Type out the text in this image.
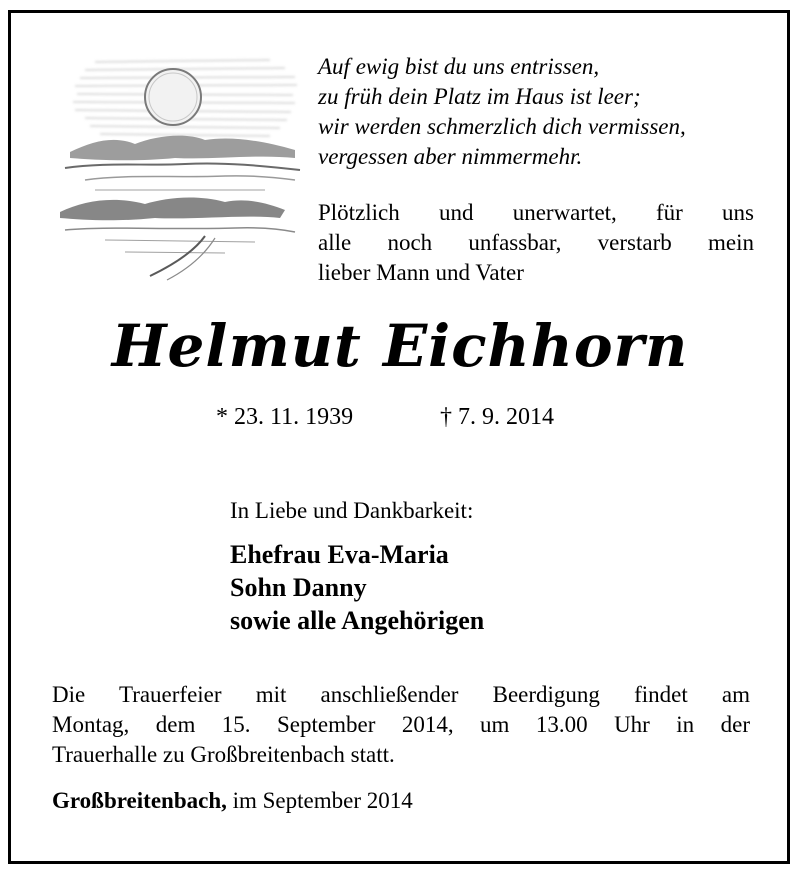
Auf ewig bist du uns entrissen,
zu früh dein Platz im Haus ist leer;
wir werden schmerzlich dich vermissen,
vergessen aber nimmermehr.
Plötzlich und unerwartet, für uns
alle noch unfassbar, verstarb mein
lieber Mann und Vater
Helmut Eichhorn
* 23. 11. 1939	† 7. 9. 2014
In Liebe und Dankbarkeit:
Ehefrau Eva-Maria
Sohn Danny
sowie alle Angehörigen
Die Trauerfeier mit anschließender Beerdigung findet am
Montag, dem 15. September 2014, um 13.00 Uhr in der
Trauerhalle zu Großbreitenbach statt.
Großbreitenbach, im September 2014
